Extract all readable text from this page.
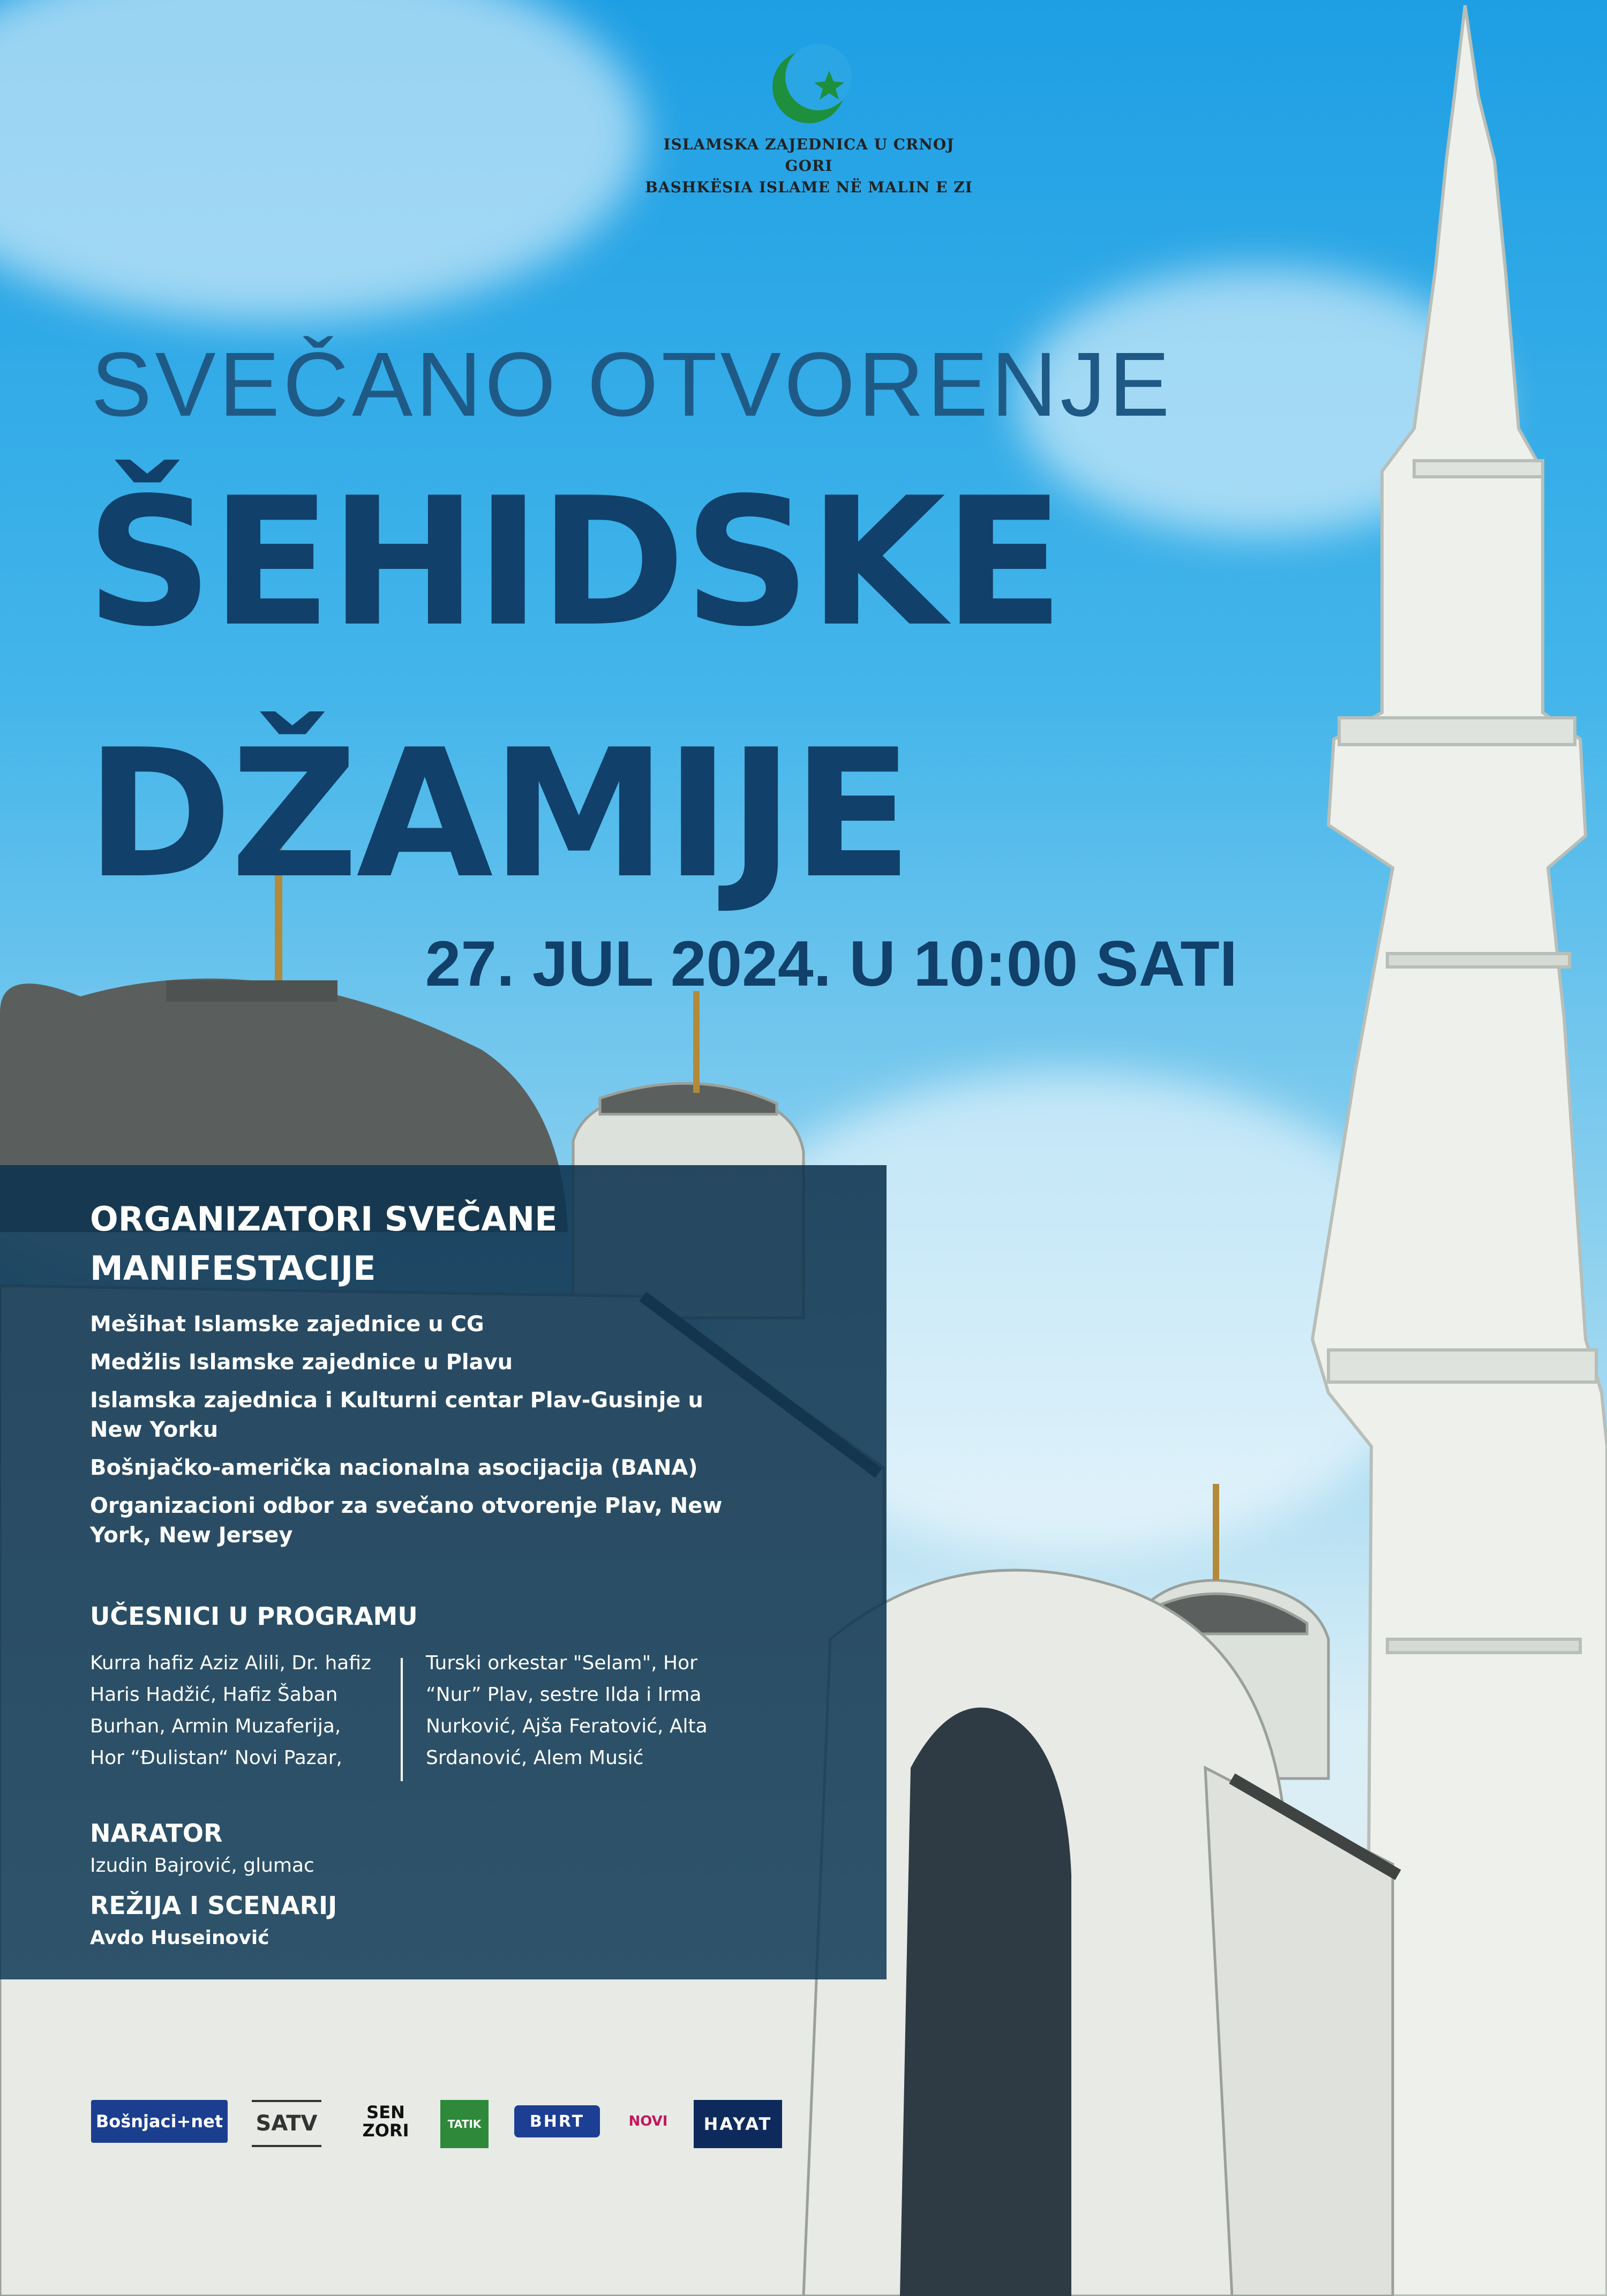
ISLAMSKA ZAJEDNICA U CRNOJ GORI
BASHKËSIA ISLAME NË MALIN E ZI
SVEČANO OTVORENJE
ŠEHIDSKE
DŽAMIJE
27. JUL 2024. U 10:00 SATI
ORGANIZATORI SVEČANE
MANIFESTACIJE
Mešihat Islamske zajednice u CG
Medžlis Islamske zajednice u Plavu
Islamska zajednica i Kulturni centar Plav-Gusinje u New Yorku
Bošnjačko-američka nacionalna asocijacija (BANA)
Organizacioni odbor za svečano otvorenje Plav, New York, New Jersey
UČESNICI U PROGRAMU
Kurra hafiz Aziz Alili, Dr. hafiz
Haris Hadžić, Hafiz Šaban
Burhan, Armin Muzaferija,
Hor “Đulistan“ Novi Pazar,
Turski orkestar "Selam", Hor
“Nur” Plav, sestre Ilda i Irma
Nurković, Ajša Feratović, Alta
Srdanović, Alem Musić
NARATOR
Izudin Bajrović, glumac
REŽIJA I SCENARIJ
Avdo Huseinović
Bošnjaci+net SATV	SEN ZORI	TATIK	BHRT	NOVI	HAYAT
